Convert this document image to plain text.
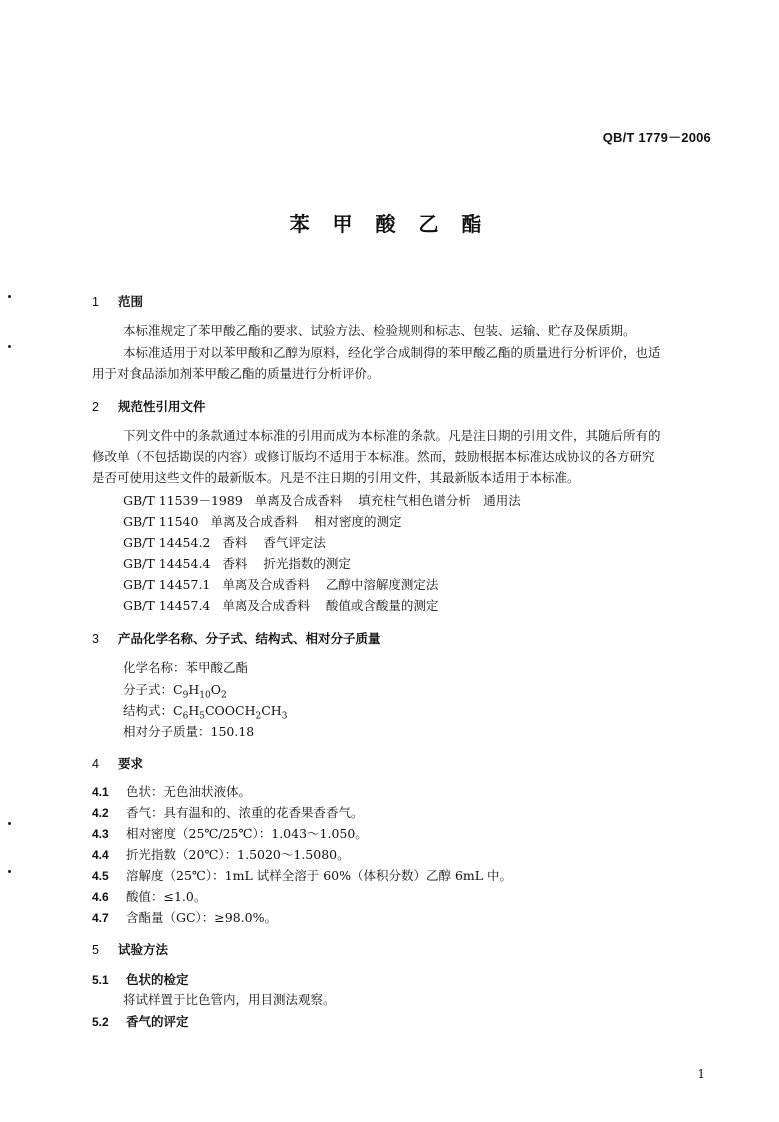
QB/T 1779－2006
苯 甲 酸 乙 酯
1 范围
本标准规定了苯甲酸乙酯的要求、试验方法、检验规则和标志、包装、运输、贮存及保质期。
本标准适用于对以苯甲酸和乙醇为原料，经化学合成制得的苯甲酸乙酯的质量进行分析评价，也适
用于对食品添加剂苯甲酸乙酯的质量进行分析评价。
2 规范性引用文件
下列文件中的条款通过本标准的引用而成为本标准的条款。凡是注日期的引用文件，其随后所有的
修改单（不包括勘误的内容）或修订版均不适用于本标准。然而，鼓励根据本标准达成协议的各方研究
是否可使用这些文件的最新版本。凡是不注日期的引用文件，其最新版本适用于本标准。
GB/T 11539－1989 单离及合成香料 填充柱气相色谱分析　通用法
GB/T 11540 单离及合成香料 相对密度的测定
GB/T 14454.2 香料 香气评定法
GB/T 14454.4 香料 折光指数的测定
GB/T 14457.1 单离及合成香料 乙醇中溶解度测定法
GB/T 14457.4 单离及合成香料 酸值或含酸量的测定
3 产品化学名称、分子式、结构式、相对分子质量
化学名称：苯甲酸乙酯
分子式：$C_9H_{10}O_2$
结构式：$C_6H_5COOCH_2CH_3$
相对分子质量：150.18
4 要求
4.1 色状：无色油状液体。
4.2 香气：具有温和的、浓重的花香果香香气。
4.3 相对密度（25℃/25℃）：1.043～1.050。
4.4 折光指数（20℃）：1.5020～1.5080。
4.5 溶解度（25℃）：1mL 试样全溶于 60%（体积分数）乙醇 6mL 中。
4.6 酸值：≤1.0。
4.7 含酯量（GC）：≥98.0%。
5 试验方法
5.1 色状的检定
将试样置于比色管内，用目测法观察。
5.2 香气的评定
1
